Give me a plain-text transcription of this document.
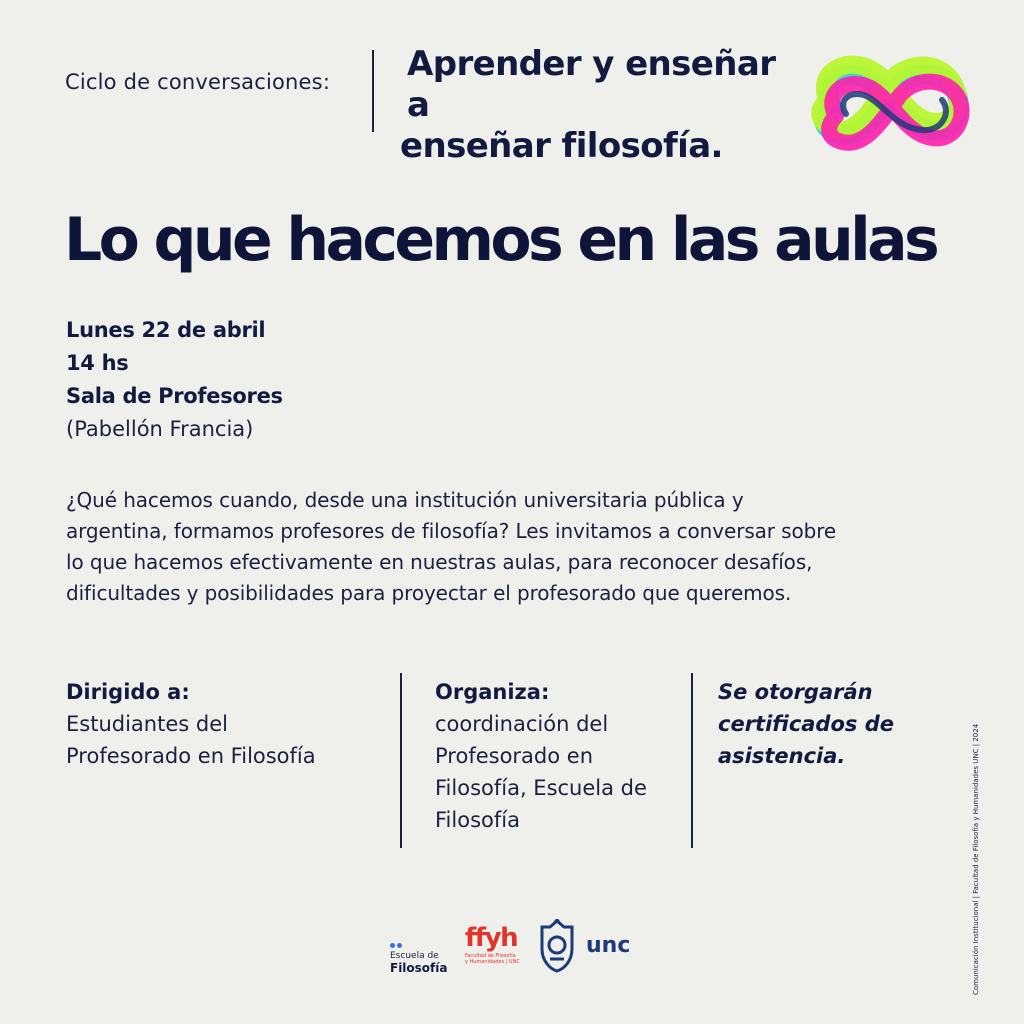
Ciclo de conversaciones: Aprender y enseñar a
enseñar filosofía.
Lo que hacemos en las aulas
Lunes 22 de abril
14 hs
Sala de Profesores
(Pabellón Francia)
¿Qué hacemos cuando, desde una institución universitaria pública y
argentina, formamos profesores de filosofía? Les invitamos a conversar sobre
lo que hacemos efectivamente en nuestras aulas, para reconocer desafíos,
dificultades y posibilidades para proyectar el profesorado que queremos.
Dirigido a:
Estudiantes del
Profesorado en Filosofía
Organiza:
coordinación del
Profesorado en
Filosofía, Escuela de
Filosofía
Se otorgarán
certificados de
asistencia.
Escuela de
Filosofía
ffyh
Facultad de Filosofía
y Humanidades | UNC
unc	Comunicación Institucional | Facultad de Filosofía y Humanidades UNC | 2024
